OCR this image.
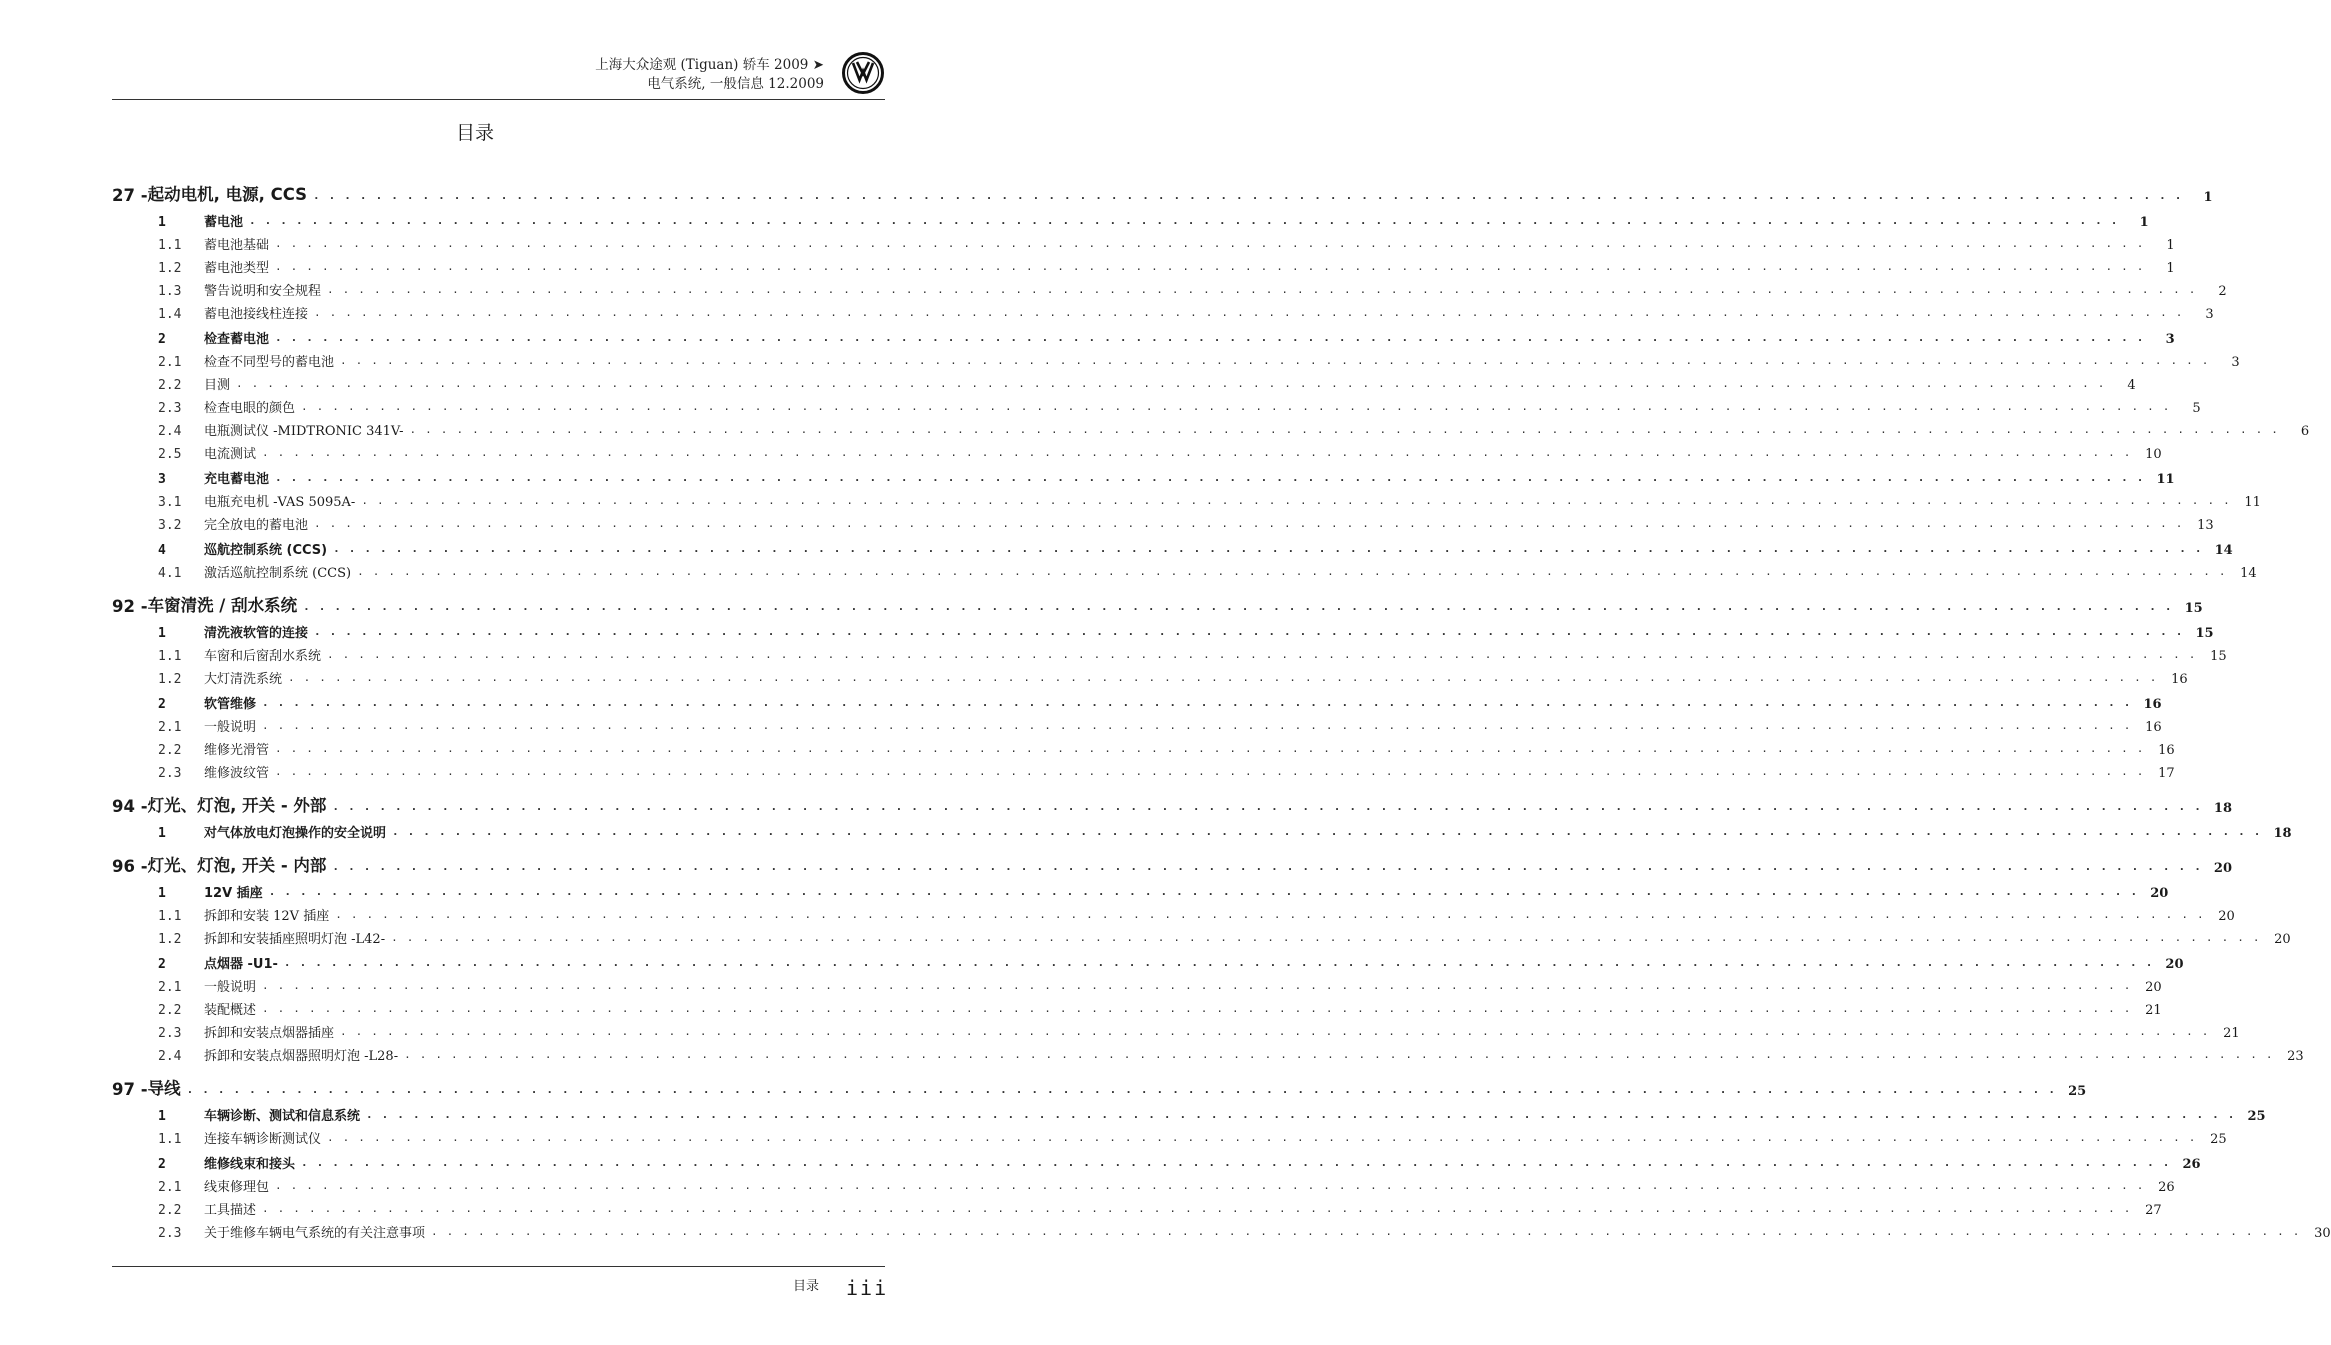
上海大众途观 (Tiguan) 轿车 2009 ➤
电气系统, 一般信息 12.2009
目录
27 - 起动电机, 电源, CCS . . . . . . . . . . . . . . . . . . . . . . . . . . . . . . . . . . . . . . . . . . . . . . . . . . . . . . . . . . . . . . . . . . . . . . . . . . . . . . . . . . . . . . . . . . . . . . . . . . . . . . . . . . . . . . . . . . . . . . . .	1
1	蓄电池 . . . . . . . . . . . . . . . . . . . . . . . . . . . . . . . . . . . . . . . . . . . . . . . . . . . . . . . . . . . . . . . . . . . . . . . . . . . . . . . . . . . . . . . . . . . . . . . . . . . . . . . . . . . . . . . . . . . . . . . .	1
1.1	蓄电池基础 . . . . . . . . . . . . . . . . . . . . . . . . . . . . . . . . . . . . . . . . . . . . . . . . . . . . . . . . . . . . . . . . . . . . . . . . . . . . . . . . . . . . . . . . . . . . . . . . . . . . . . . . . . . . . . . . . . . . . . . .	1
1.2	蓄电池类型 . . . . . . . . . . . . . . . . . . . . . . . . . . . . . . . . . . . . . . . . . . . . . . . . . . . . . . . . . . . . . . . . . . . . . . . . . . . . . . . . . . . . . . . . . . . . . . . . . . . . . . . . . . . . . . . . . . . . . . . .	1
1.3	警告说明和安全规程 . . . . . . . . . . . . . . . . . . . . . . . . . . . . . . . . . . . . . . . . . . . . . . . . . . . . . . . . . . . . . . . . . . . . . . . . . . . . . . . . . . . . . . . . . . . . . . . . . . . . . . . . . . . . . . . . . . . . . . . .	2
1.4	蓄电池接线柱连接 . . . . . . . . . . . . . . . . . . . . . . . . . . . . . . . . . . . . . . . . . . . . . . . . . . . . . . . . . . . . . . . . . . . . . . . . . . . . . . . . . . . . . . . . . . . . . . . . . . . . . . . . . . . . . . . . . . . . . . . .	3
2	检查蓄电池 . . . . . . . . . . . . . . . . . . . . . . . . . . . . . . . . . . . . . . . . . . . . . . . . . . . . . . . . . . . . . . . . . . . . . . . . . . . . . . . . . . . . . . . . . . . . . . . . . . . . . . . . . . . . . . . . . . . . . . . .	3
2.1	检查不同型号的蓄电池 . . . . . . . . . . . . . . . . . . . . . . . . . . . . . . . . . . . . . . . . . . . . . . . . . . . . . . . . . . . . . . . . . . . . . . . . . . . . . . . . . . . . . . . . . . . . . . . . . . . . . . . . . . . . . . . . . . . . . . . .	3
2.2	目测 . . . . . . . . . . . . . . . . . . . . . . . . . . . . . . . . . . . . . . . . . . . . . . . . . . . . . . . . . . . . . . . . . . . . . . . . . . . . . . . . . . . . . . . . . . . . . . . . . . . . . . . . . . . . . . . . . . . . . . . .	4
2.3	检查电眼的颜色 . . . . . . . . . . . . . . . . . . . . . . . . . . . . . . . . . . . . . . . . . . . . . . . . . . . . . . . . . . . . . . . . . . . . . . . . . . . . . . . . . . . . . . . . . . . . . . . . . . . . . . . . . . . . . . . . . . . . . . . .	5
2.4	电瓶测试仪 -MIDTRONIC 341V- . . . . . . . . . . . . . . . . . . . . . . . . . . . . . . . . . . . . . . . . . . . . . . . . . . . . . . . . . . . . . . . . . . . . . . . . . . . . . . . . . . . . . . . . . . . . . . . . . . . . . . . . . . . . . . . . . . . . . . . .	6
2.5	电流测试 . . . . . . . . . . . . . . . . . . . . . . . . . . . . . . . . . . . . . . . . . . . . . . . . . . . . . . . . . . . . . . . . . . . . . . . . . . . . . . . . . . . . . . . . . . . . . . . . . . . . . . . . . . . . . . . . . . . . . . . .	10
3	充电蓄电池 . . . . . . . . . . . . . . . . . . . . . . . . . . . . . . . . . . . . . . . . . . . . . . . . . . . . . . . . . . . . . . . . . . . . . . . . . . . . . . . . . . . . . . . . . . . . . . . . . . . . . . . . . . . . . . . . . . . . . . . . 11
3.1	电瓶充电机 -VAS 5095A- . . . . . . . . . . . . . . . . . . . . . . . . . . . . . . . . . . . . . . . . . . . . . . . . . . . . . . . . . . . . . . . . . . . . . . . . . . . . . . . . . . . . . . . . . . . . . . . . . . . . . . . . . . . . . . . . . . . . . . . .	11
3.2	完全放电的蓄电池 . . . . . . . . . . . . . . . . . . . . . . . . . . . . . . . . . . . . . . . . . . . . . . . . . . . . . . . . . . . . . . . . . . . . . . . . . . . . . . . . . . . . . . . . . . . . . . . . . . . . . . . . . . . . . . . . . . . . . . . .	13
4	巡航控制系统 (CCS) . . . . . . . . . . . . . . . . . . . . . . . . . . . . . . . . . . . . . . . . . . . . . . . . . . . . . . . . . . . . . . . . . . . . . . . . . . . . . . . . . . . . . . . . . . . . . . . . . . . . . . . . . . . . . . . . . . . . . . . . 14
4.1	激活巡航控制系统 (CCS) . . . . . . . . . . . . . . . . . . . . . . . . . . . . . . . . . . . . . . . . . . . . . . . . . . . . . . . . . . . . . . . . . . . . . . . . . . . . . . . . . . . . . . . . . . . . . . . . . . . . . . . . . . . . . . . . . . . . . . . .	14
92 - 车窗清洗 / 刮水系统 . . . . . . . . . . . . . . . . . . . . . . . . . . . . . . . . . . . . . . . . . . . . . . . . . . . . . . . . . . . . . . . . . . . . . . . . . . . . . . . . . . . . . . . . . . . . . . . . . . . . . . . . . . . . . . . . . . . . . . . . 15
1	清洗液软管的连接 . . . . . . . . . . . . . . . . . . . . . . . . . . . . . . . . . . . . . . . . . . . . . . . . . . . . . . . . . . . . . . . . . . . . . . . . . . . . . . . . . . . . . . . . . . . . . . . . . . . . . . . . . . . . . . . . . . . . . . . . 15
1.1	车窗和后窗刮水系统 . . . . . . . . . . . . . . . . . . . . . . . . . . . . . . . . . . . . . . . . . . . . . . . . . . . . . . . . . . . . . . . . . . . . . . . . . . . . . . . . . . . . . . . . . . . . . . . . . . . . . . . . . . . . . . . . . . . . . . . .	15
1.2	大灯清洗系统 . . . . . . . . . . . . . . . . . . . . . . . . . . . . . . . . . . . . . . . . . . . . . . . . . . . . . . . . . . . . . . . . . . . . . . . . . . . . . . . . . . . . . . . . . . . . . . . . . . . . . . . . . . . . . . . . . . . . . . . .	16
2	软管维修 . . . . . . . . . . . . . . . . . . . . . . . . . . . . . . . . . . . . . . . . . . . . . . . . . . . . . . . . . . . . . . . . . . . . . . . . . . . . . . . . . . . . . . . . . . . . . . . . . . . . . . . . . . . . . . . . . . . . . . . . 16
2.1	一般说明 . . . . . . . . . . . . . . . . . . . . . . . . . . . . . . . . . . . . . . . . . . . . . . . . . . . . . . . . . . . . . . . . . . . . . . . . . . . . . . . . . . . . . . . . . . . . . . . . . . . . . . . . . . . . . . . . . . . . . . . .	16
2.2	维修光滑管 . . . . . . . . . . . . . . . . . . . . . . . . . . . . . . . . . . . . . . . . . . . . . . . . . . . . . . . . . . . . . . . . . . . . . . . . . . . . . . . . . . . . . . . . . . . . . . . . . . . . . . . . . . . . . . . . . . . . . . . .	16
2.3	维修波纹管 . . . . . . . . . . . . . . . . . . . . . . . . . . . . . . . . . . . . . . . . . . . . . . . . . . . . . . . . . . . . . . . . . . . . . . . . . . . . . . . . . . . . . . . . . . . . . . . . . . . . . . . . . . . . . . . . . . . . . . . .	17
94 - 灯光、灯泡, 开关 - 外部 . . . . . . . . . . . . . . . . . . . . . . . . . . . . . . . . . . . . . . . . . . . . . . . . . . . . . . . . . . . . . . . . . . . . . . . . . . . . . . . . . . . . . . . . . . . . . . . . . . . . . . . . . . . . . . . . . . . . . . . . 18
1	对气体放电灯泡操作的安全说明 . . . . . . . . . . . . . . . . . . . . . . . . . . . . . . . . . . . . . . . . . . . . . . . . . . . . . . . . . . . . . . . . . . . . . . . . . . . . . . . . . . . . . . . . . . . . . . . . . . . . . . . . . . . . . . . . . . . . . . . . 18
96 - 灯光、灯泡, 开关 - 内部 . . . . . . . . . . . . . . . . . . . . . . . . . . . . . . . . . . . . . . . . . . . . . . . . . . . . . . . . . . . . . . . . . . . . . . . . . . . . . . . . . . . . . . . . . . . . . . . . . . . . . . . . . . . . . . . . . . . . . . . . 20
1	12V 插座 . . . . . . . . . . . . . . . . . . . . . . . . . . . . . . . . . . . . . . . . . . . . . . . . . . . . . . . . . . . . . . . . . . . . . . . . . . . . . . . . . . . . . . . . . . . . . . . . . . . . . . . . . . . . . . . . . . . . . . . . 20
1.1	拆卸和安装 12V 插座 . . . . . . . . . . . . . . . . . . . . . . . . . . . . . . . . . . . . . . . . . . . . . . . . . . . . . . . . . . . . . . . . . . . . . . . . . . . . . . . . . . . . . . . . . . . . . . . . . . . . . . . . . . . . . . . . . . . . . . . .	20
1.2	拆卸和安装插座照明灯泡 -L42- . . . . . . . . . . . . . . . . . . . . . . . . . . . . . . . . . . . . . . . . . . . . . . . . . . . . . . . . . . . . . . . . . . . . . . . . . . . . . . . . . . . . . . . . . . . . . . . . . . . . . . . . . . . . . . . . . . . . . . . .	20
2	点烟器 -U1- . . . . . . . . . . . . . . . . . . . . . . . . . . . . . . . . . . . . . . . . . . . . . . . . . . . . . . . . . . . . . . . . . . . . . . . . . . . . . . . . . . . . . . . . . . . . . . . . . . . . . . . . . . . . . . . . . . . . . . . . 20
2.1	一般说明 . . . . . . . . . . . . . . . . . . . . . . . . . . . . . . . . . . . . . . . . . . . . . . . . . . . . . . . . . . . . . . . . . . . . . . . . . . . . . . . . . . . . . . . . . . . . . . . . . . . . . . . . . . . . . . . . . . . . . . . .	20
2.2	装配概述 . . . . . . . . . . . . . . . . . . . . . . . . . . . . . . . . . . . . . . . . . . . . . . . . . . . . . . . . . . . . . . . . . . . . . . . . . . . . . . . . . . . . . . . . . . . . . . . . . . . . . . . . . . . . . . . . . . . . . . . .	21
2.3	拆卸和安装点烟器插座 . . . . . . . . . . . . . . . . . . . . . . . . . . . . . . . . . . . . . . . . . . . . . . . . . . . . . . . . . . . . . . . . . . . . . . . . . . . . . . . . . . . . . . . . . . . . . . . . . . . . . . . . . . . . . . . . . . . . . . . .	21
2.4	拆卸和安装点烟器照明灯泡 -L28- . . . . . . . . . . . . . . . . . . . . . . . . . . . . . . . . . . . . . . . . . . . . . . . . . . . . . . . . . . . . . . . . . . . . . . . . . . . . . . . . . . . . . . . . . . . . . . . . . . . . . . . . . . . . . . . . . . . . . . . .	23
97 - 导线 . . . . . . . . . . . . . . . . . . . . . . . . . . . . . . . . . . . . . . . . . . . . . . . . . . . . . . . . . . . . . . . . . . . . . . . . . . . . . . . . . . . . . . . . . . . . . . . . . . . . . . . . . . . . . . . . . . . . . . . . 25
1	车辆诊断、测试和信息系统 . . . . . . . . . . . . . . . . . . . . . . . . . . . . . . . . . . . . . . . . . . . . . . . . . . . . . . . . . . . . . . . . . . . . . . . . . . . . . . . . . . . . . . . . . . . . . . . . . . . . . . . . . . . . . . . . . . . . . . . . 25
1.1	连接车辆诊断测试仪 . . . . . . . . . . . . . . . . . . . . . . . . . . . . . . . . . . . . . . . . . . . . . . . . . . . . . . . . . . . . . . . . . . . . . . . . . . . . . . . . . . . . . . . . . . . . . . . . . . . . . . . . . . . . . . . . . . . . . . . .	25
2	维修线束和接头 . . . . . . . . . . . . . . . . . . . . . . . . . . . . . . . . . . . . . . . . . . . . . . . . . . . . . . . . . . . . . . . . . . . . . . . . . . . . . . . . . . . . . . . . . . . . . . . . . . . . . . . . . . . . . . . . . . . . . . . . 26
2.1	线束修理包 . . . . . . . . . . . . . . . . . . . . . . . . . . . . . . . . . . . . . . . . . . . . . . . . . . . . . . . . . . . . . . . . . . . . . . . . . . . . . . . . . . . . . . . . . . . . . . . . . . . . . . . . . . . . . . . . . . . . . . . .	26
2.2	工具描述 . . . . . . . . . . . . . . . . . . . . . . . . . . . . . . . . . . . . . . . . . . . . . . . . . . . . . . . . . . . . . . . . . . . . . . . . . . . . . . . . . . . . . . . . . . . . . . . . . . . . . . . . . . . . . . . . . . . . . . . .	27
2.3	关于维修车辆电气系统的有关注意事项 . . . . . . . . . . . . . . . . . . . . . . . . . . . . . . . . . . . . . . . . . . . . . . . . . . . . . . . . . . . . . . . . . . . . . . . . . . . . . . . . . . . . . . . . . . . . . . . . . . . . . . . . . . . . . . . . . . . . . . . .	30
目录 iii
